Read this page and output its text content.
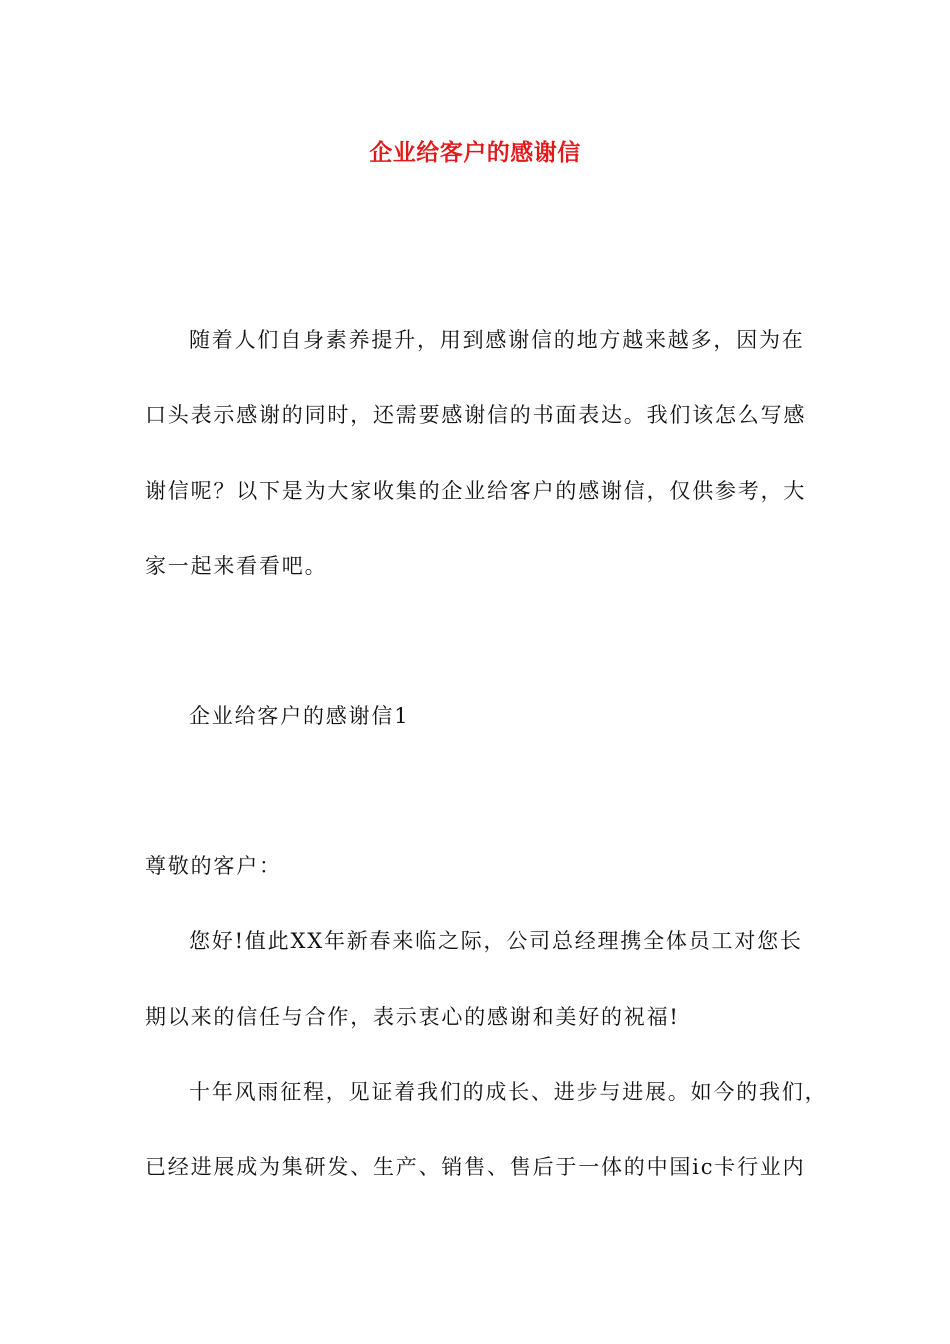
企业给客户的感谢信
随着人们自身素养提升，用到感谢信的地方越来越多，因为在
口头表示感谢的同时，还需要感谢信的书面表达。我们该怎么写感
谢信呢？以下是为大家收集的企业给客户的感谢信，仅供参考，大
家一起来看看吧。
企业给客户的感谢信1
尊敬的客户：
您好!值此XX年新春来临之际，公司总经理携全体员工对您长
期以来的信任与合作，表示衷心的感谢和美好的祝福!
十年风雨征程，见证着我们的成长、进步与进展。如今的我们，
已经进展成为集研发、生产、销售、售后于一体的中国ic卡行业内
